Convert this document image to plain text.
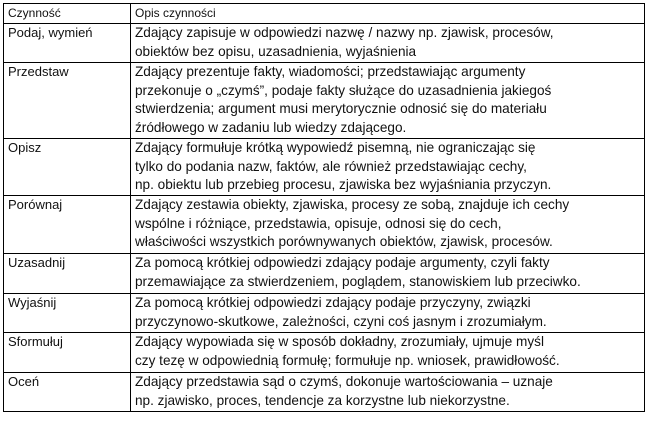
Czynność	Opis czynności
Podaj, wymień	Zdający zapisuje w odpowiedzi nazwę / nazwy np. zjawisk, procesów,
obiektów bez opisu, uzasadnienia, wyjaśnienia

Przedstaw	Zdający prezentuje fakty, wiadomości; przedstawiając argumenty
przekonuje o „czymś”, podaje fakty służące do uzasadnienia jakiegoś
stwierdzenia; argument musi merytorycznie odnosić się do materiału
źródłowego w zadaniu lub wiedzy zdającego.

Opisz	Zdający formułuje krótką wypowiedź pisemną, nie ograniczając się
tylko do podania nazw, faktów, ale również przedstawiając cechy,
np. obiektu lub przebieg procesu, zjawiska bez wyjaśniania przyczyn.

Porównaj	Zdający zestawia obiekty, zjawiska, procesy ze sobą, znajduje ich cechy
wspólne i różniące, przedstawia, opisuje, odnosi się do cech,
właściwości wszystkich porównywanych obiektów, zjawisk, procesów.

Uzasadnij	Za pomocą krótkiej odpowiedzi zdający podaje argumenty, czyli fakty
przemawiające za stwierdzeniem, poglądem, stanowiskiem lub przeciwko.

Wyjaśnij	Za pomocą krótkiej odpowiedzi zdający podaje przyczyny, związki
przyczynowo-skutkowe, zależności, czyni coś jasnym i zrozumiałym.

Sformułuj	Zdający wypowiada się w sposób dokładny, zrozumiały, ujmuje myśl
czy tezę w odpowiednią formułę; formułuje np. wniosek, prawidłowość.

Oceń	Zdający przedstawia sąd o czymś, dokonuje wartościowania – uznaje
np. zjawisko, proces, tendencje za korzystne lub niekorzystne.
